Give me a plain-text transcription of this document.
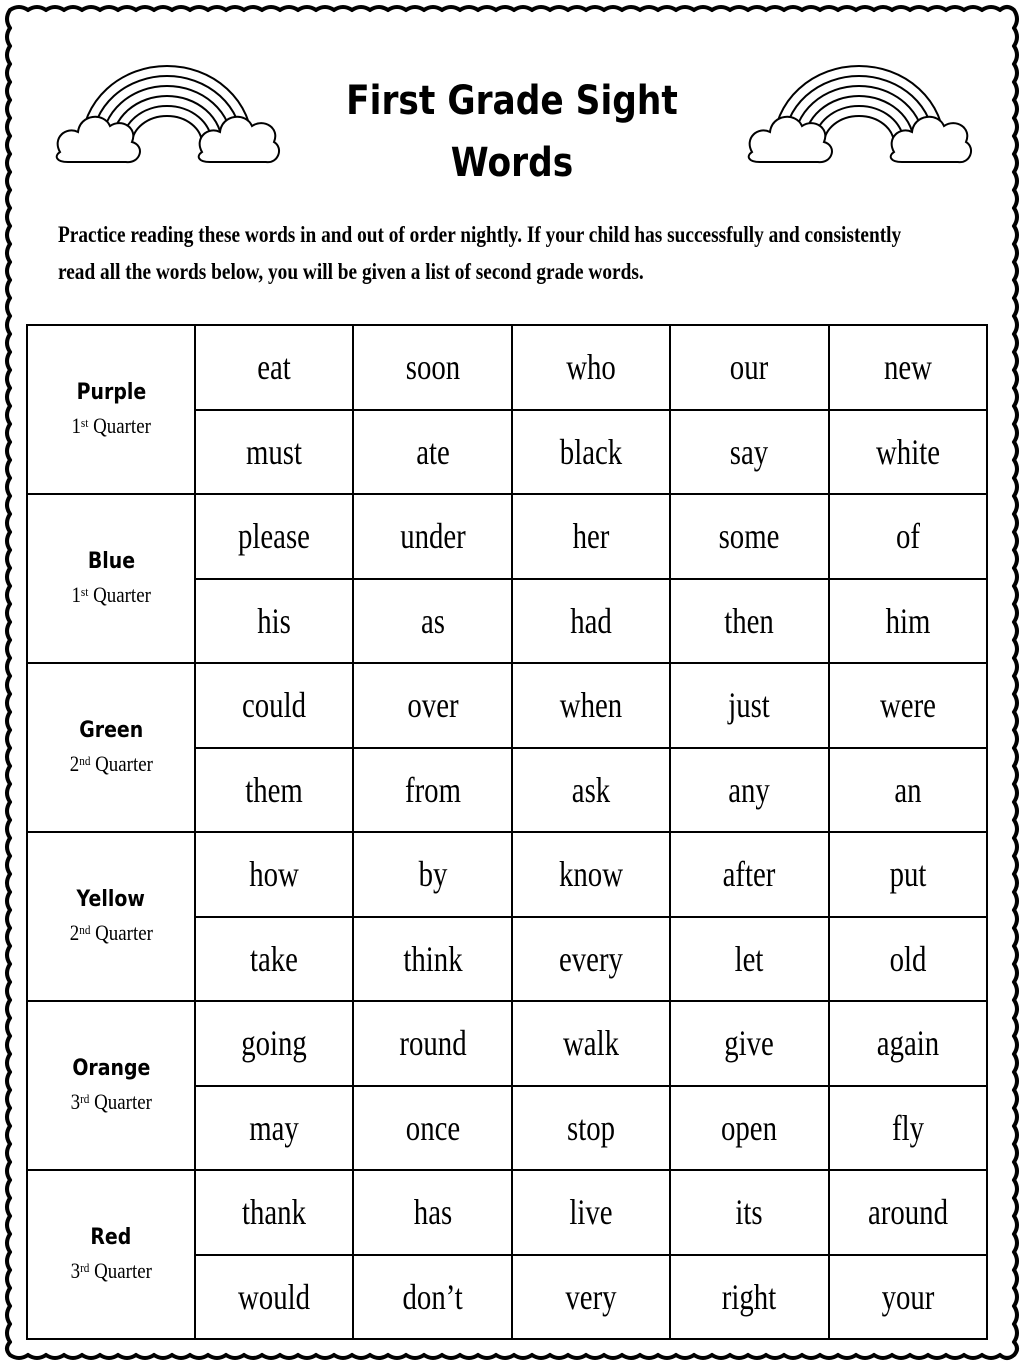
First Grade Sight
Words
Practice reading these words in and out of order nightly. If your child has successfully and consistently
read all the words below, you will be given a list of second grade words.
Purple
1st Quarter	eat	soon	who	our	new
	must	ate	black	say	white

Blue
1st Quarter	please	under	her	some	of
	his	as	had	then	him

Green
2nd Quarter	could	over	when	just	were
	them	from	ask	any	an

Yellow
2nd Quarter	how	by	know	after	put
	take	think	every	let	old

Orange
3rd Quarter	going	round	walk	give	again
	may	once	stop	open	fly

Red
3rd Quarter	thank	has	live	its	around
	would	don’t	very	right	your
